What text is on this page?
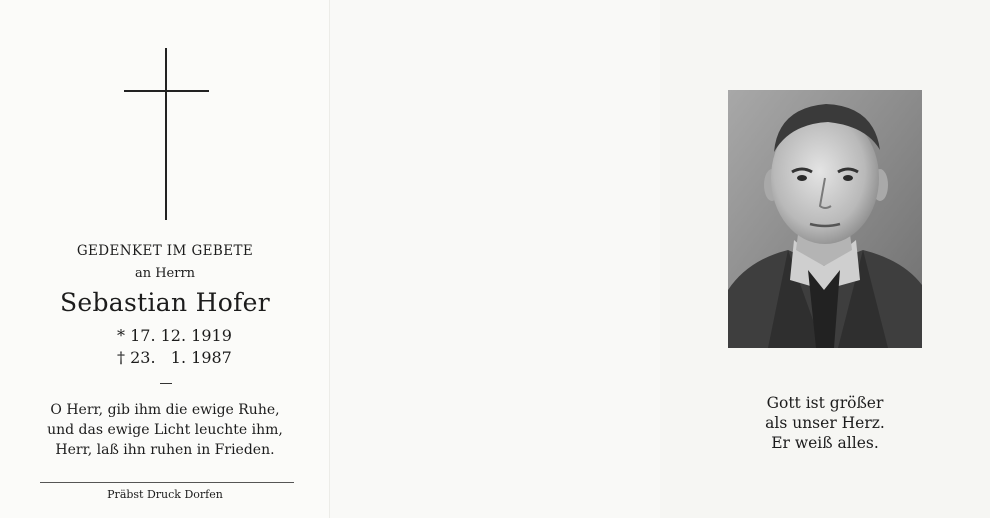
GEDENKET IM GEBETE
an Herrn
Sebastian Hofer
* 17. 12. 1919
† 23.   1. 1987
O Herr, gib ihm die ewige Ruhe,
und das ewige Licht leuchte ihm,
Herr, laß ihn ruhen in Frieden.
Präbst Druck Dorfen
Gott ist größer
als unser Herz.
Er weiß alles.
